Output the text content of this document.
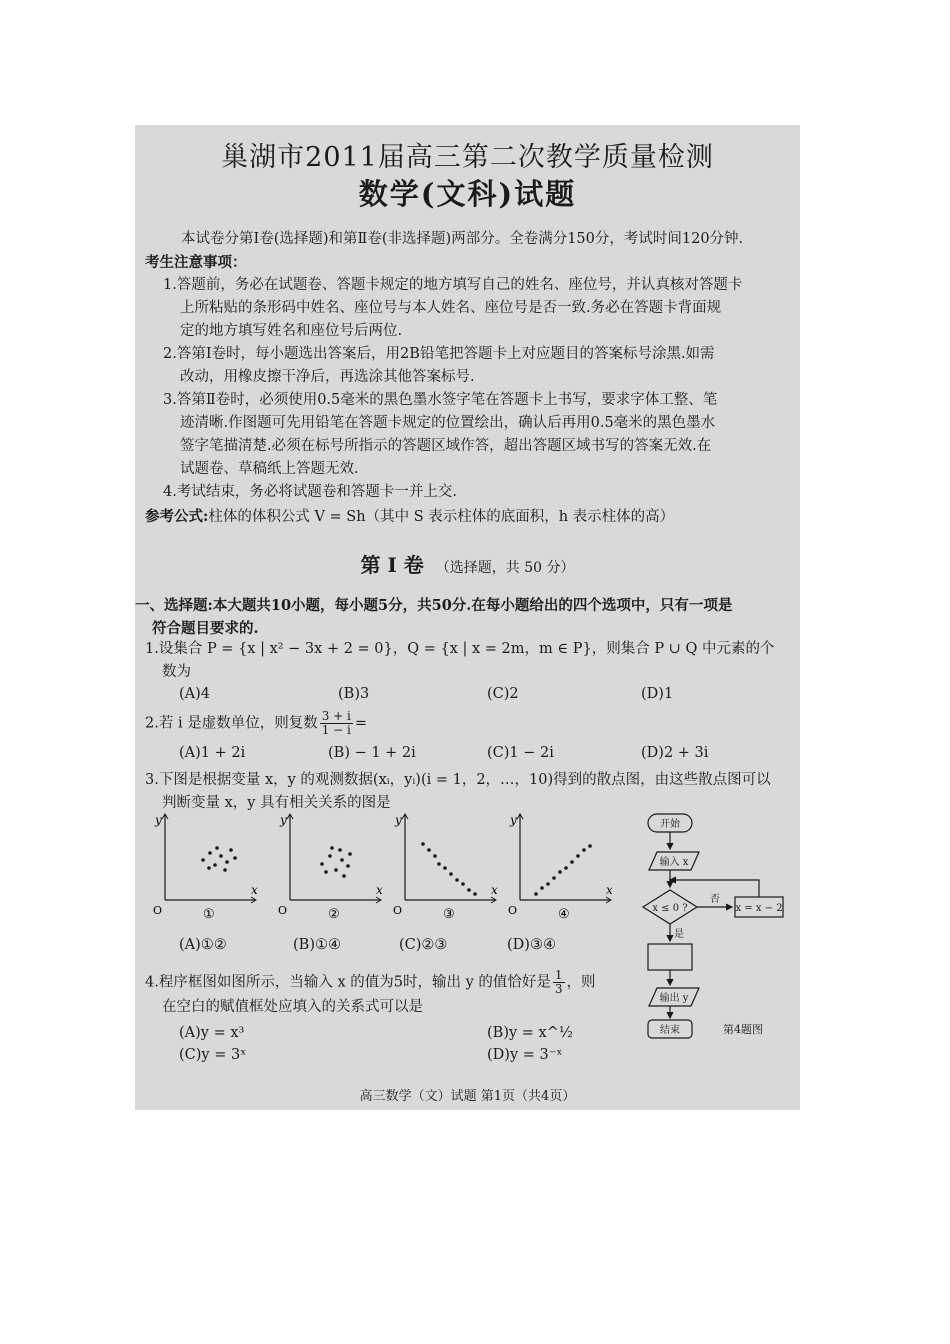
巢湖市2011届高三第二次教学质量检测
数学(文科)试题
本试卷分第Ⅰ卷(选择题)和第Ⅱ卷(非选择题)两部分。全卷满分150分，考试时间120分钟.
考生注意事项：
1.答题前，务必在试题卷、答题卡规定的地方填写自己的姓名、座位号，并认真核对答题卡
上所粘贴的条形码中姓名、座位号与本人姓名、座位号是否一致.务必在答题卡背面规
定的地方填写姓名和座位号后两位.
2.答第Ⅰ卷时，每小题选出答案后，用2B铅笔把答题卡上对应题目的答案标号涂黑.如需
改动，用橡皮擦干净后，再选涂其他答案标号.
3.答第Ⅱ卷时，必须使用0.5毫米的黑色墨水签字笔在答题卡上书写，要求字体工整、笔
迹清晰.作图题可先用铅笔在答题卡规定的位置绘出，确认后再用0.5毫米的黑色墨水
签字笔描清楚.必须在标号所指示的答题区域作答，超出答题区域书写的答案无效.在
试题卷、草稿纸上答题无效.
4.考试结束，务必将试题卷和答题卡一并上交.
参考公式:柱体的体积公式 V = Sh（其中 S 表示柱体的底面积，h 表示柱体的高）
第 Ⅰ 卷 （选择题，共 50 分）
一、选择题:本大题共10小题，每小题5分，共50分.在每小题给出的四个选项中，只有一项是
符合题目要求的.
1.设集合 P = {x | x² − 3x + 2 = 0}，Q = {x | x = 2m，m ∈ P}，则集合 P ∪ Q 中元素的个
数为
(A)4	(B)3	(C)2	(D)1
2.若 i 是虚数单位，则复数 $\frac{3 + i}{1 - i}$ =
(A)1 + 2i	(B) − 1 + 2i	(C)1 − 2i	(D)2 + 3i
3.下图是根据变量 x，y 的观测数据(xᵢ，yᵢ)(i = 1，2，…，10)得到的散点图，由这些散点图可以
判断变量 x，y 具有相关关系的图是
y
x
O	①
y
x
O	②
y
x
O	③
y
x
O	④
(A)①②	(B)①④	(C)②③	(D)③④
4.程序框图如图所示，当输入 x 的值为5时，输出 y 的值恰好是 $\frac{1}{3}$ ，则
在空白的赋值框处应填入的关系式可以是
(A)y = x³	(B)y = x^½
(C)y = 3ˣ	(D)y = 3⁻ˣ
开始
输入 x
x ≤ 0 ?
否
x = x − 2
是
输出 y
结束	第4题图
高三数学（文）试题 第1页（共4页）
